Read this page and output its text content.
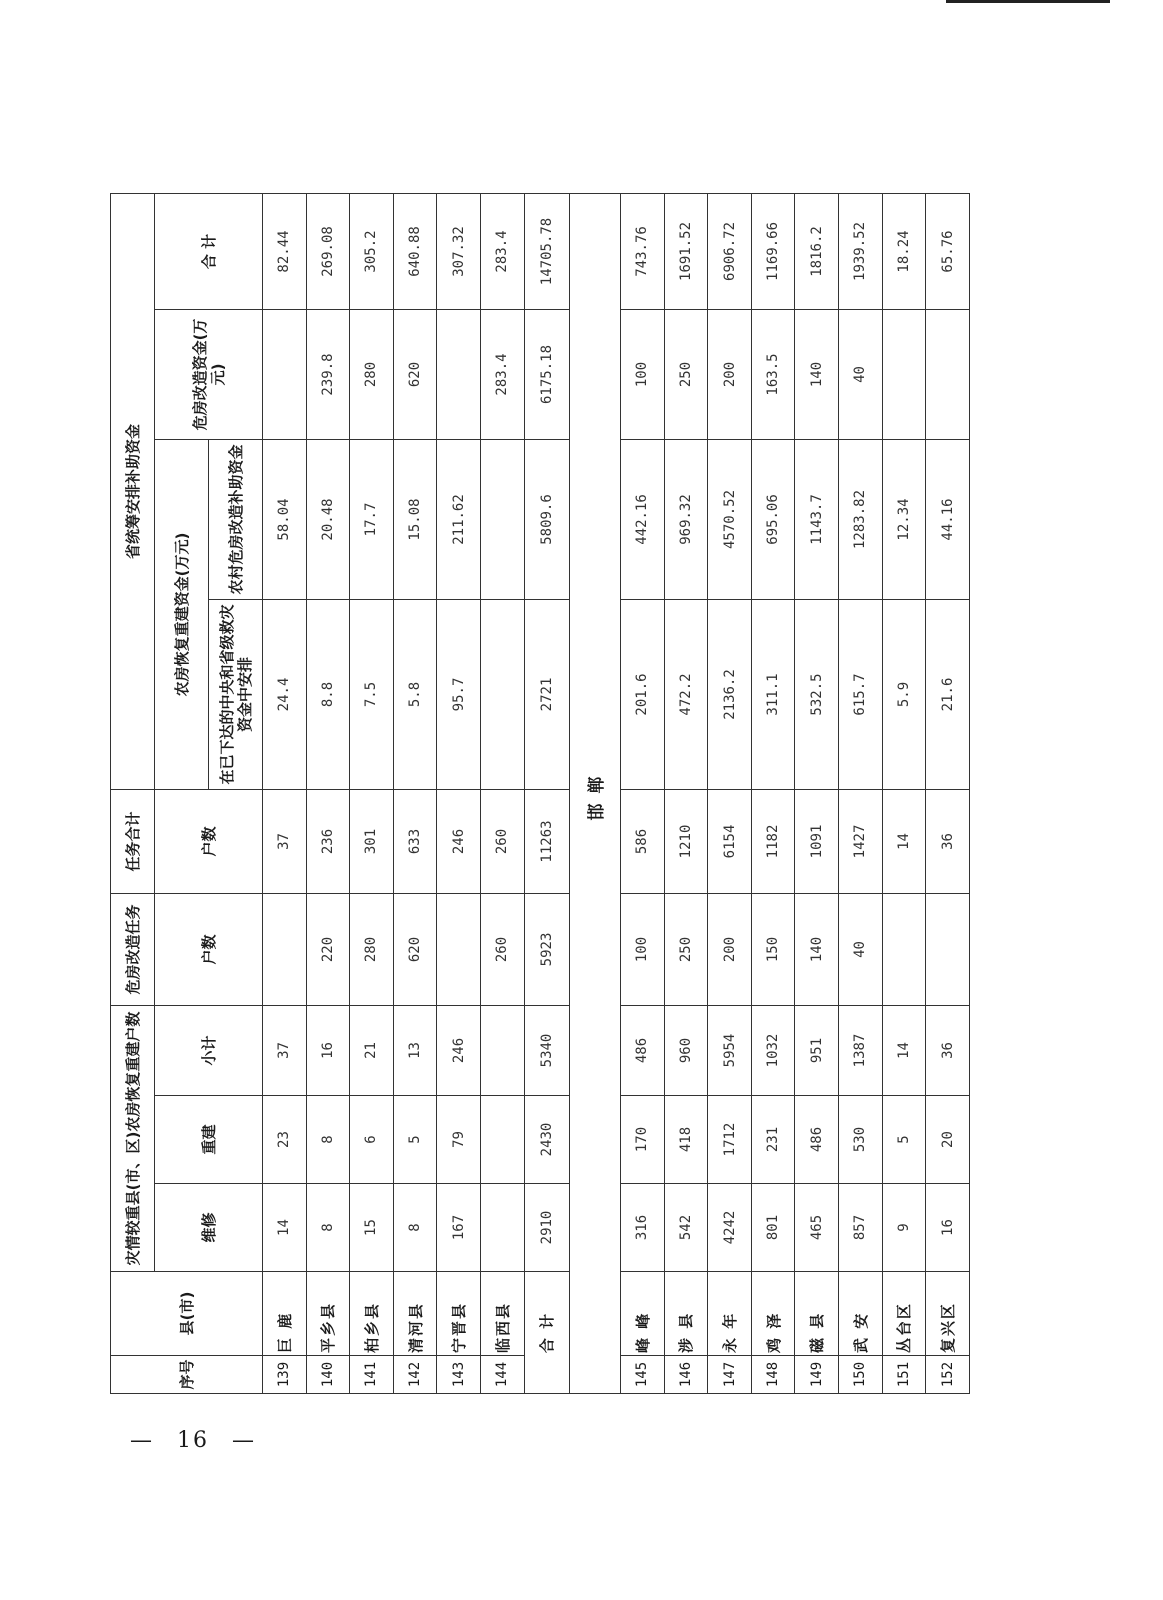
序号	县(市)	灾情较重县(市、区)农房恢复重建户数			危房改造任务	任务合计	省统筹安排补助资金			
		维修	重建	小计	户数	户数	农房恢复重建资金(万元)		危房改造资金(万元)	合 计
							在已下达的中央和省级救灾资金中安排	农村危房改造补助资金		
139	巨 鹿	14	23	37		37	24.4	58.04		82.44
140	平乡县	8	8	16	220	236	8.8	20.48	239.8	269.08
141	柏乡县	15	6	21	280	301	7.5	17.7	280	305.2
142	清河县	8	5	13	620	633	5.8	15.08	620	640.88
143	宁晋县	167	79	246		246	95.7	211.62		307.32
144	临西县				260	260			283.4	283.4
合 计		2910	2430	5340	5923	11263	2721	5809.6	6175.18	14705.78
邯郸										
145	峰 峰	316	170	486	100	586	201.6	442.16	100	743.76
146	涉 县	542	418	960	250	1210	472.2	969.32	250	1691.52
147	永 年	4242	1712	5954	200	6154	2136.2	4570.52	200	6906.72
148	鸡 泽	801	231	1032	150	1182	311.1	695.06	163.5	1169.66
149	磁 县	465	486	951	140	1091	532.5	1143.7	140	1816.2
150	武 安	857	530	1387	40	1427	615.7	1283.82	40	1939.52
151	丛台区	9	5	14		14	5.9	12.34		18.24
152	复兴区	16	20	36		36	21.6	44.16		65.76
— 16 —
